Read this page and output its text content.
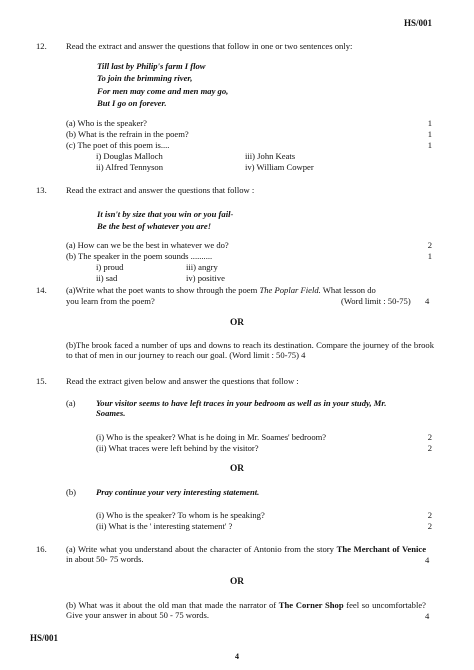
HS/001
12. Read the extract and answer the questions that follow in one or two sentences only:
Till last by Philip's farm I flow
To join the brimming river,
For men may come and men may go,
But I go on forever.
(a) Who is the speaker?	1
(b) What is the refrain in the poem?	1
(c) The poet of this poem is....	1
i) Douglas Malloch	iii) John Keats
ii) Alfred Tennyson	iv) William Cowper
13. Read the extract and answer the questions that follow :
It isn't by size that you win or you fail-
Be the best of whatever you are!
(a) How can we be the best in whatever we do?	2
(b) The speaker in the poem sounds ..........	1
i) proud	iii) angry
ii) sad	iv) positive
14. (a)Write what the poet wants to show through the poem The Poplar Field. What lesson do
you learn from the poem?	(Word limit : 50-75) 4
OR
(b)The brook faced a number of ups and downs to reach its destination. Compare the journey of the brook to that of men in our journey to reach our goal. (Word limit : 50-75) 4
15. Read the extract given below and answer the questions that follow :
(a) Your visitor seems to have left traces in your bedroom as well as in your study, Mr. Soames.
(i) Who is the speaker? What is he doing in Mr. Soames' bedroom?	2
(ii) What traces were left behind by the visitor?	2
OR
(b) Pray continue your very interesting statement.
(i) Who is the speaker? To whom is he speaking?	2
(ii) What is the ' interesting statement' ?	2
16. (a) Write what you understand about the character of Antonio from the story The Merchant of Venice in about 50- 75 words.	4
OR
(b) What was it about the old man that made the narrator of The Corner Shop feel so uncomfortable? Give your answer in about 50 - 75 words.	4
HS/001
4
